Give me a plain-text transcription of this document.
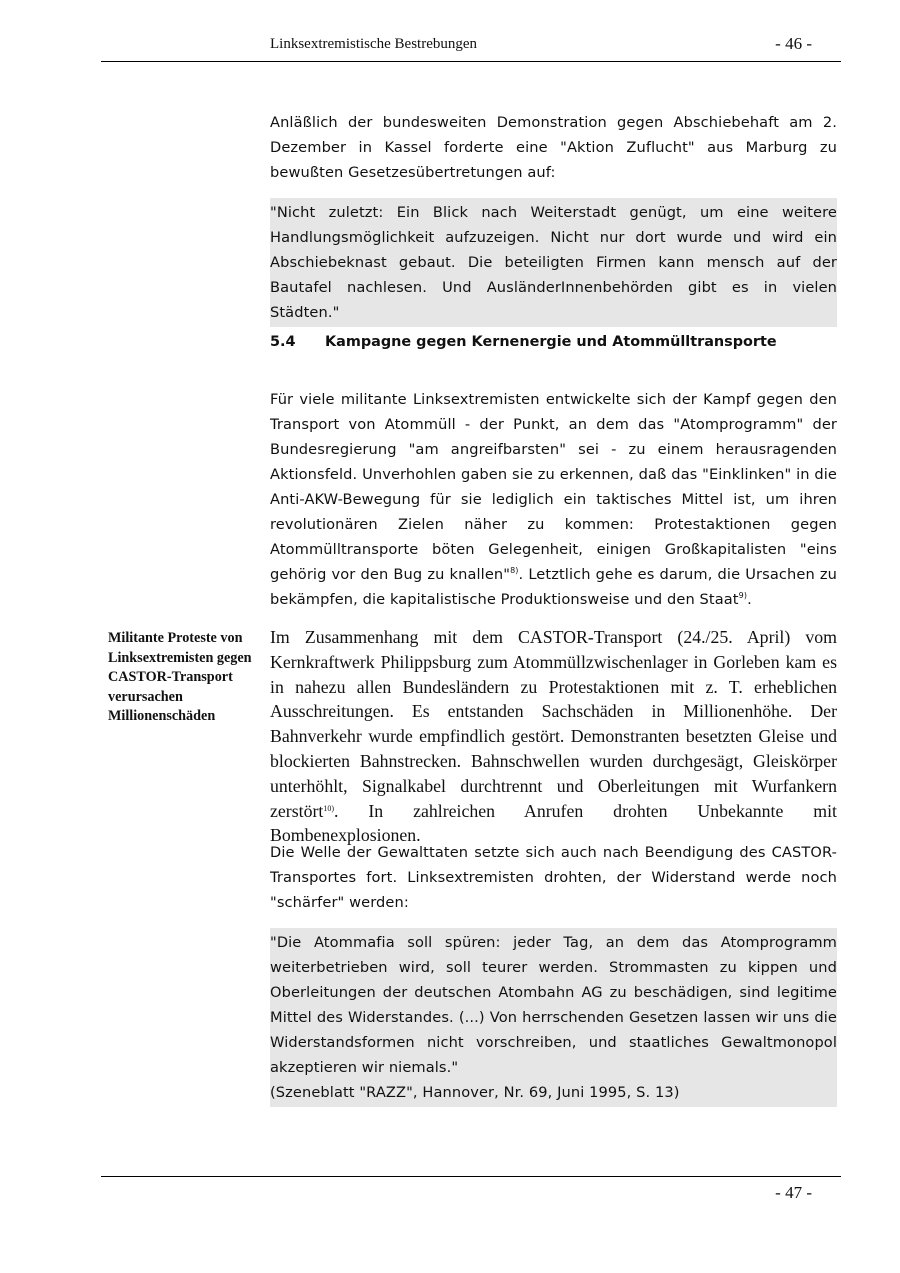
Linksextremistische Bestrebungen	- 46 -

Anläßlich der bundesweiten Demonstration gegen Abschiebehaft am 2. Dezember in Kassel forderte eine "Aktion Zuflucht" aus Marburg zu bewußten Gesetzesübertretungen auf:

"Nicht zuletzt: Ein Blick nach Weiterstadt genügt, um eine weitere Handlungsmöglichkeit aufzuzeigen. Nicht nur dort wurde und wird ein Abschiebeknast gebaut. Die beteiligten Firmen kann mensch auf der Bautafel nachlesen. Und AusländerInnenbehörden gibt es in vielen Städten."

5.4 Kampagne gegen Kernenergie und Atommülltransporte

Für viele militante Linksextremisten entwickelte sich der Kampf gegen den Transport von Atommüll - der Punkt, an dem das "Atomprogramm" der Bundesregierung "am angreifbarsten" sei - zu einem herausragenden Aktionsfeld. Unverhohlen gaben sie zu erkennen, daß das "Einklinken" in die Anti-AKW-Bewegung für sie lediglich ein taktisches Mittel ist, um ihren revolutionären Zielen näher zu kommen: Protestaktionen gegen Atommülltransporte böten Gelegenheit, einigen Großkapitalisten "eins gehörig vor den Bug zu knallen"$^{8)}$. Letztlich gehe es darum, die Ursachen zu bekämpfen, die kapitalistische Produktionsweise und den Staat$^{9)}$.

Militante Proteste von Linksextremisten gegen CASTOR-Transport verursachen Millionenschäden

Im Zusammenhang mit dem CASTOR-Transport (24./25. April) vom Kernkraftwerk Philippsburg zum Atommüllzwischenlager in Gorleben kam es in nahezu allen Bundesländern zu Protestaktionen mit z. T. erheblichen Ausschreitungen. Es entstanden Sachschäden in Millionenhöhe. Der Bahnverkehr wurde empfindlich gestört. Demonstranten besetzten Gleise und blockierten Bahnstrecken. Bahnschwellen wurden durchgesägt, Gleiskörper unterhöhlt, Signalkabel durchtrennt und Oberleitungen mit Wurfankern zerstört$^{10)}$. In zahlreichen Anrufen drohten Unbekannte mit Bombenexplosionen.

Die Welle der Gewalttaten setzte sich auch nach Beendigung des CASTOR-Transportes fort. Linksextremisten drohten, der Widerstand werde noch "schärfer" werden:

"Die Atommafia soll spüren: jeder Tag, an dem das Atomprogramm weiterbetrieben wird, soll teurer werden. Strommasten zu kippen und Oberleitungen der deutschen Atombahn AG zu beschädigen, sind legitime Mittel des Widerstandes. (...) Von herrschenden Gesetzen lassen wir uns die Widerstandsformen nicht vorschreiben, und staatliches Gewaltmonopol akzeptieren wir niemals."

(Szeneblatt "RAZZ", Hannover, Nr. 69, Juni 1995, S. 13)

- 47 -
